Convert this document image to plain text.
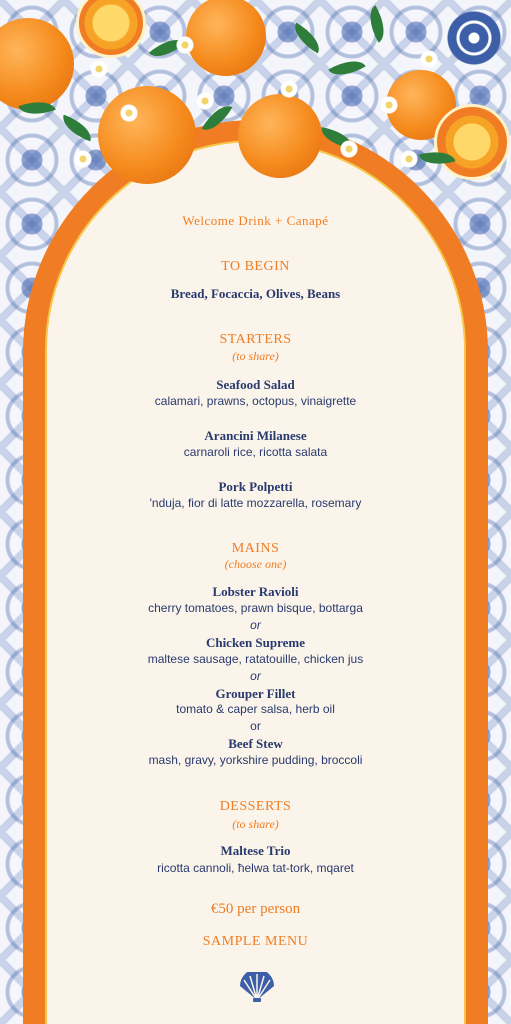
Welcome Drink + Canapé
TO BEGIN
Bread, Focaccia, Olives, Beans
STARTERS
(to share)
Seafood Salad
calamari, prawns, octopus, vinaigrette
Arancini Milanese
carnaroli rice, ricotta salata
Pork Polpetti
'nduja, fior di latte mozzarella, rosemary
MAINS
(choose one)
Lobster Ravioli
cherry tomatoes, prawn bisque, bottarga
or
Chicken Supreme
maltese sausage, ratatouille, chicken jus
or
Grouper Fillet
tomato & caper salsa, herb oil
or
Beef Stew
mash, gravy, yorkshire pudding, broccoli
DESSERTS
(to share)
Maltese Trio
ricotta cannoli, ħelwa tat-tork, mqaret
€50 per person
SAMPLE MENU
